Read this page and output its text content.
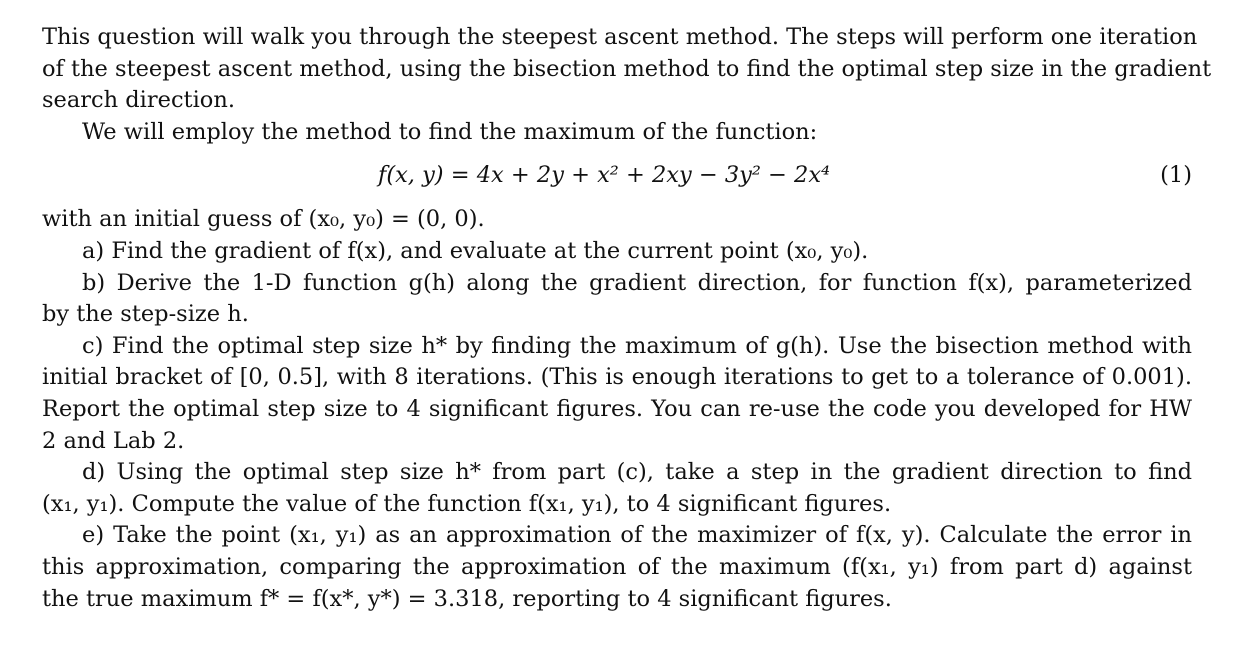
This question will walk you through the steepest ascent method. The steps will perform one iteration
of the steepest ascent method, using the bisection method to find the optimal step size in the gradient
search direction.
We will employ the method to find the maximum of the function:
f(x, y) = 4x + 2y + x² + 2xy − 3y² − 2x⁴	(1)
with an initial guess of (x₀, y₀) = (0, 0).
a) Find the gradient of f(x), and evaluate at the current point (x₀, y₀).
b) Derive the 1-D function g(h) along the gradient direction, for function f(x), parameterized
by the step-size h.
c) Find the optimal step size h* by finding the maximum of g(h). Use the bisection method with
initial bracket of [0, 0.5], with 8 iterations. (This is enough iterations to get to a tolerance of 0.001).
Report the optimal step size to 4 significant figures. You can re-use the code you developed for HW
2 and Lab 2.
d) Using the optimal step size h* from part (c), take a step in the gradient direction to find
(x₁, y₁). Compute the value of the function f(x₁, y₁), to 4 significant figures.
e) Take the point (x₁, y₁) as an approximation of the maximizer of f(x, y). Calculate the error in
this approximation, comparing the approximation of the maximum (f(x₁, y₁) from part d) against
the true maximum f* = f(x*, y*) = 3.318, reporting to 4 significant figures.
